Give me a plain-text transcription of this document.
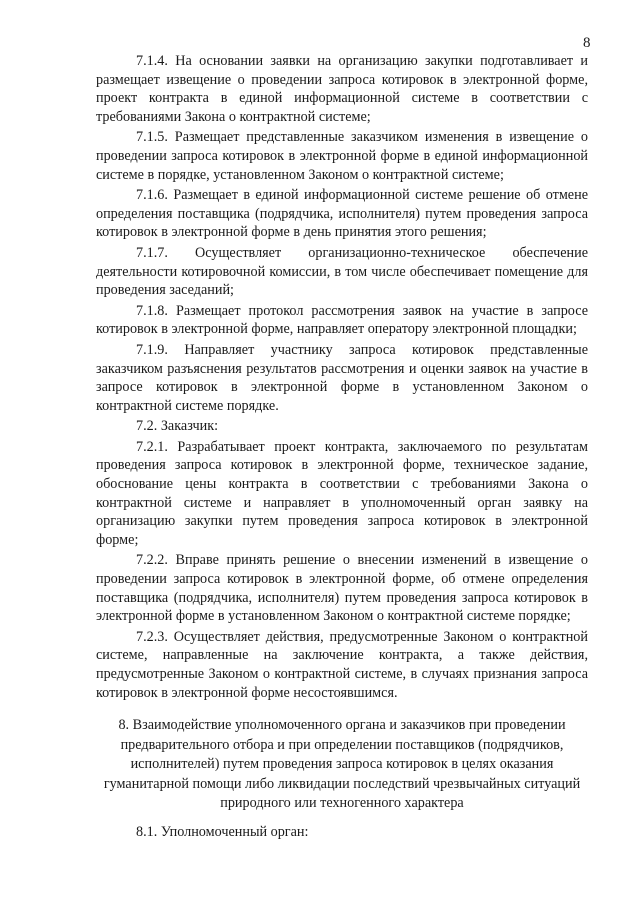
8

7.1.4. На основании заявки на организацию закупки подготавливает и размещает извещение о проведении запроса котировок в электронной форме, проект контракта в единой информационной системе в соответствии с требованиями Закона о контрактной системе;

7.1.5. Размещает представленные заказчиком изменения в извещение о проведении запроса котировок в электронной форме в единой информационной системе в порядке, установленном Законом о контрактной системе;

7.1.6. Размещает в единой информационной системе решение об отмене определения поставщика (подрядчика, исполнителя) путем проведения запроса котировок в электронной форме в день принятия этого решения;

7.1.7. Осуществляет организационно-техническое обеспечение деятельности котировочной комиссии, в том числе обеспечивает помещение для проведения заседаний;

7.1.8. Размещает протокол рассмотрения заявок на участие в запросе котировок в электронной форме, направляет оператору электронной площадки;

7.1.9. Направляет участнику запроса котировок представленные заказчиком разъяснения результатов рассмотрения и оценки заявок на участие в запросе котировок в электронной форме в установленном Законом о контрактной системе порядке.

7.2. Заказчик:

7.2.1. Разрабатывает проект контракта, заключаемого по результатам проведения запроса котировок в электронной форме, техническое задание, обоснование цены контракта в соответствии с требованиями Закона о контрактной системе и направляет в уполномоченный орган заявку на организацию закупки путем проведения запроса котировок в электронной форме;

7.2.2. Вправе принять решение о внесении изменений в извещение о проведении запроса котировок в электронной форме, об отмене определения поставщика (подрядчика, исполнителя) путем проведения запроса котировок в электронной форме в установленном Законом о контрактной системе порядке;

7.2.3. Осуществляет действия, предусмотренные Законом о контрактной системе, направленные на заключение контракта, а также действия, предусмотренные Законом о контрактной системе, в случаях признания запроса котировок в электронной форме несостоявшимся.

8. Взаимодействие уполномоченного органа и заказчиков при проведении предварительного отбора и при определении поставщиков (подрядчиков, исполнителей) путем проведения запроса котировок в целях оказания гуманитарной помощи либо ликвидации последствий чрезвычайных ситуаций природного или техногенного характера

8.1. Уполномоченный орган:
